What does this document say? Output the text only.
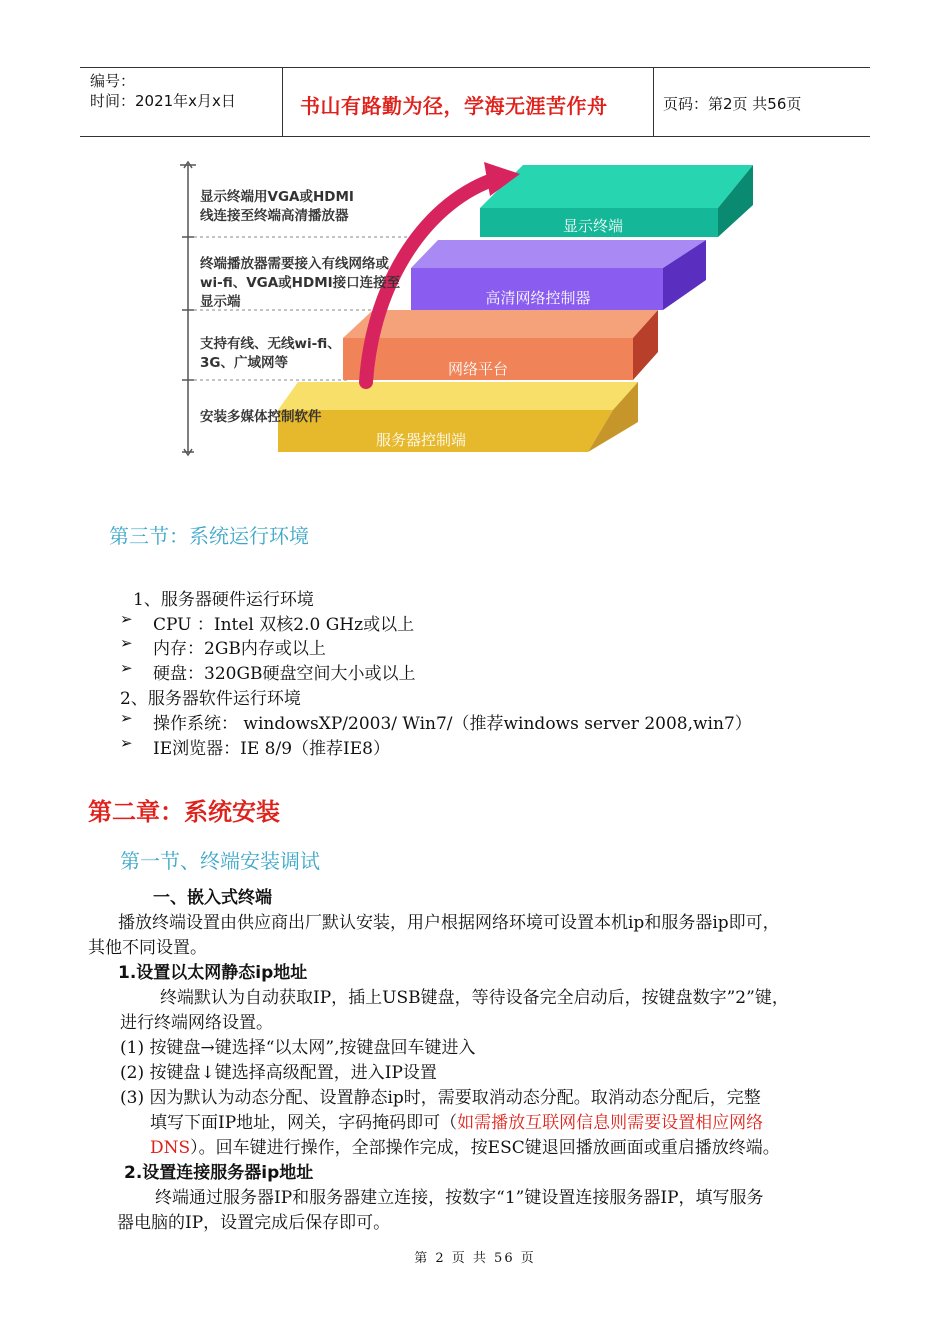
编号：
时间：2021年x月x日	书山有路勤为径，学海无涯苦作舟	页码：第2页 共56页
显示终端
高清网络控制器
网络平台
服务器控制端
显示终端用VGA或HDMI
线连接至终端高清播放器
终端播放器需要接入有线网络或
wi-fi、VGA或HDMI接口连接至
显示端
支持有线、无线wi-fi、
3G、广域网等
安装多媒体控制软件
第三节：系统运行环境
1、服务器硬件运行环境
➢ CPU ：Intel 双核2.0 GHz或以上
➢ 内存：2GB内存或以上
➢ 硬盘：320GB硬盘空间大小或以上
2、服务器软件运行环境
➢ 操作系统： windowsXP/2003/ Win7/（推荐windows server 2008,win7）
➢ IE浏览器：IE 8/9（推荐IE8）
第二章：系统安装
第一节、终端安装调试
一、嵌入式终端
播放终端设置由供应商出厂默认安装，用户根据网络环境可设置本机ip和服务器ip即可，
其他不同设置。
1.设置以太网静态ip地址
终端默认为自动获取IP，插上USB键盘，等待设备完全启动后，按键盘数字”2”键，
进行终端网络设置。
(1) 按键盘→键选择“以太网”,按键盘回车键进入
(2) 按键盘↓键选择高级配置，进入IP设置
(3) 因为默认为动态分配、设置静态ip时，需要取消动态分配。取消动态分配后，完整
填写下面IP地址，网关，字码掩码即可（如需播放互联网信息则需要设置相应网络
DNS）。回车键进行操作，全部操作完成，按ESC键退回播放画面或重启播放终端。
2.设置连接服务器ip地址
终端通过服务器IP和服务器建立连接，按数字“1”键设置连接服务器IP，填写服务
器电脑的IP，设置完成后保存即可。
第 2 页 共 56 页
